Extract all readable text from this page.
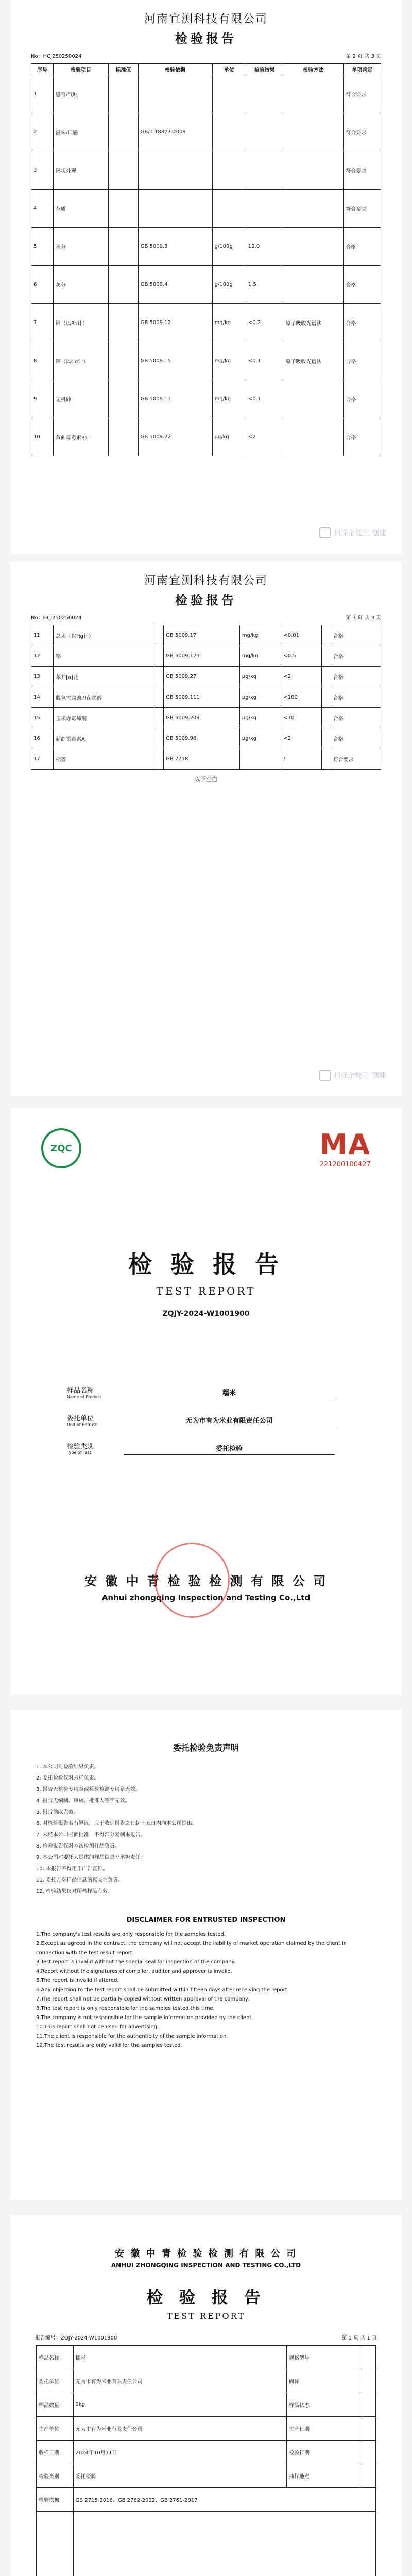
河南宜测科技有限公司

检验报告

No：HCJ250250024	第 2 页 共 3 页
序号	检验项目	标准值	检验依据	单位	检验结果	检验方法	单项判定
1	感官/气味						符合要求
2	滋味/口感		GB/T 18877-2009				符合要求
3	形状外观						符合要求
4	杂质						符合要求
5	水分		GB 5009.3	g/100g	12.0		合格
6	灰分		GB 5009.4	g/100g	1.5		合格
7	铅（以Pb计）		GB 5009.12	mg/kg	<0.2	原子吸收光谱法	合格
8	镉（以Cd计）		GB 5009.15	mg/kg	<0.1	原子吸收光谱法	合格
9	无机砷		GB 5009.11	mg/kg	<0.1		合格
10	黄曲霉毒素B1		GB 5009.22	μg/kg	<2		合格
扫描全能王 创建

河南宜测科技有限公司

检验报告

No：HCJ250250024	第 3 页 共 3 页
11	总汞（以Hg计）		GB 5009.17	mg/kg	<0.01		合格
12	铬		GB 5009.123	mg/kg	<0.5		合格
13	苯并[a]芘		GB 5009.27	μg/kg	<2		合格
14	脱氧雪腐镰刀菌烯醇		GB 5009.111	μg/kg	<100		合格
15	玉米赤霉烯酮		GB 5009.209	μg/kg	<10		合格
16	赭曲霉毒素A		GB 5009.96	μg/kg	<2		合格
17	标签		GB 7718		/		符合要求
以下空白
扫描全能王 创建
ZQC	MA
221200100427
检 验 报 告
TEST REPORT
ZQJY-2024-W1001900
样品名称
Name of Product	糯米
委托单位
Unit of Entrust	无为市有为米业有限责任公司
检验类别
Type of Test	委托检验
安 徽 中 青 检 验 检 测 有 限 公 司
Anhui zhongqing Inspection and Testing Co.,Ltd
委托检验免责声明
1. 本公司对检验结果负责。
2. 委托检验仅对来样负责。
3. 报告无检验专用章或检验检测专用章无效。
4. 报告无编制、审核、批准人签字无效。
5. 报告涂改无效。
6. 对检验报告若有异议，应于收到报告之日起十五日内向本公司提出。
7. 未经本公司书面批准，不得部分复制本报告。
8. 检验报告仅对本次检测样品负责。
9. 本公司对委托人提供的样品信息不承担责任。
10. 本报告不得用于广告宣传。
11. 委托方对样品信息的真实性负责。
12. 检验结果仅对所检样品有效。
DISCLAIMER FOR ENTRUSTED INSPECTION
1.The company's test results are only responsible for the samples tested.
2.Except as agreed in the contract, the company will not accept the liability of market operation claimed by the client in connection with the test result report.
3.Test report is invalid without the special seal for inspection of the company.
4.Report without the signatures of compiler, auditor and approver is invalid.
5.The report is invalid if altered.
6.Any objection to the test report shall be submitted within fifteen days after receiving the report.
7.The report shall not be partially copied without written approval of the company.
8.The test report is only responsible for the samples tested this time.
9.The company is not responsible for the sample information provided by the client.
10.This report shall not be used for advertising.
11.The client is responsible for the authenticity of the sample information.
12.The test results are only valid for the samples tested.
安 徽 中 青 检 验 检 测 有 限 公 司
ANHUI ZHONGQING INSPECTION AND TESTING CO.,LTD
检 验 报 告
TEST REPORT
报告编号：ZQJY-2024-W1001900	第 1 页 共 1 页
样品名称	糯米	规格型号	
委托单位	无为市有为米业有限责任公司	商标	
样品数量	2kg	样品状态	
生产单位	无为市有为米业有限责任公司	生产日期	
收样日期	2024年10月11日	检验日期	
检验类别	委托检验	抽样地点	
检验依据	GB 2715-2016、GB 2762-2022、GB 2761-2017		
